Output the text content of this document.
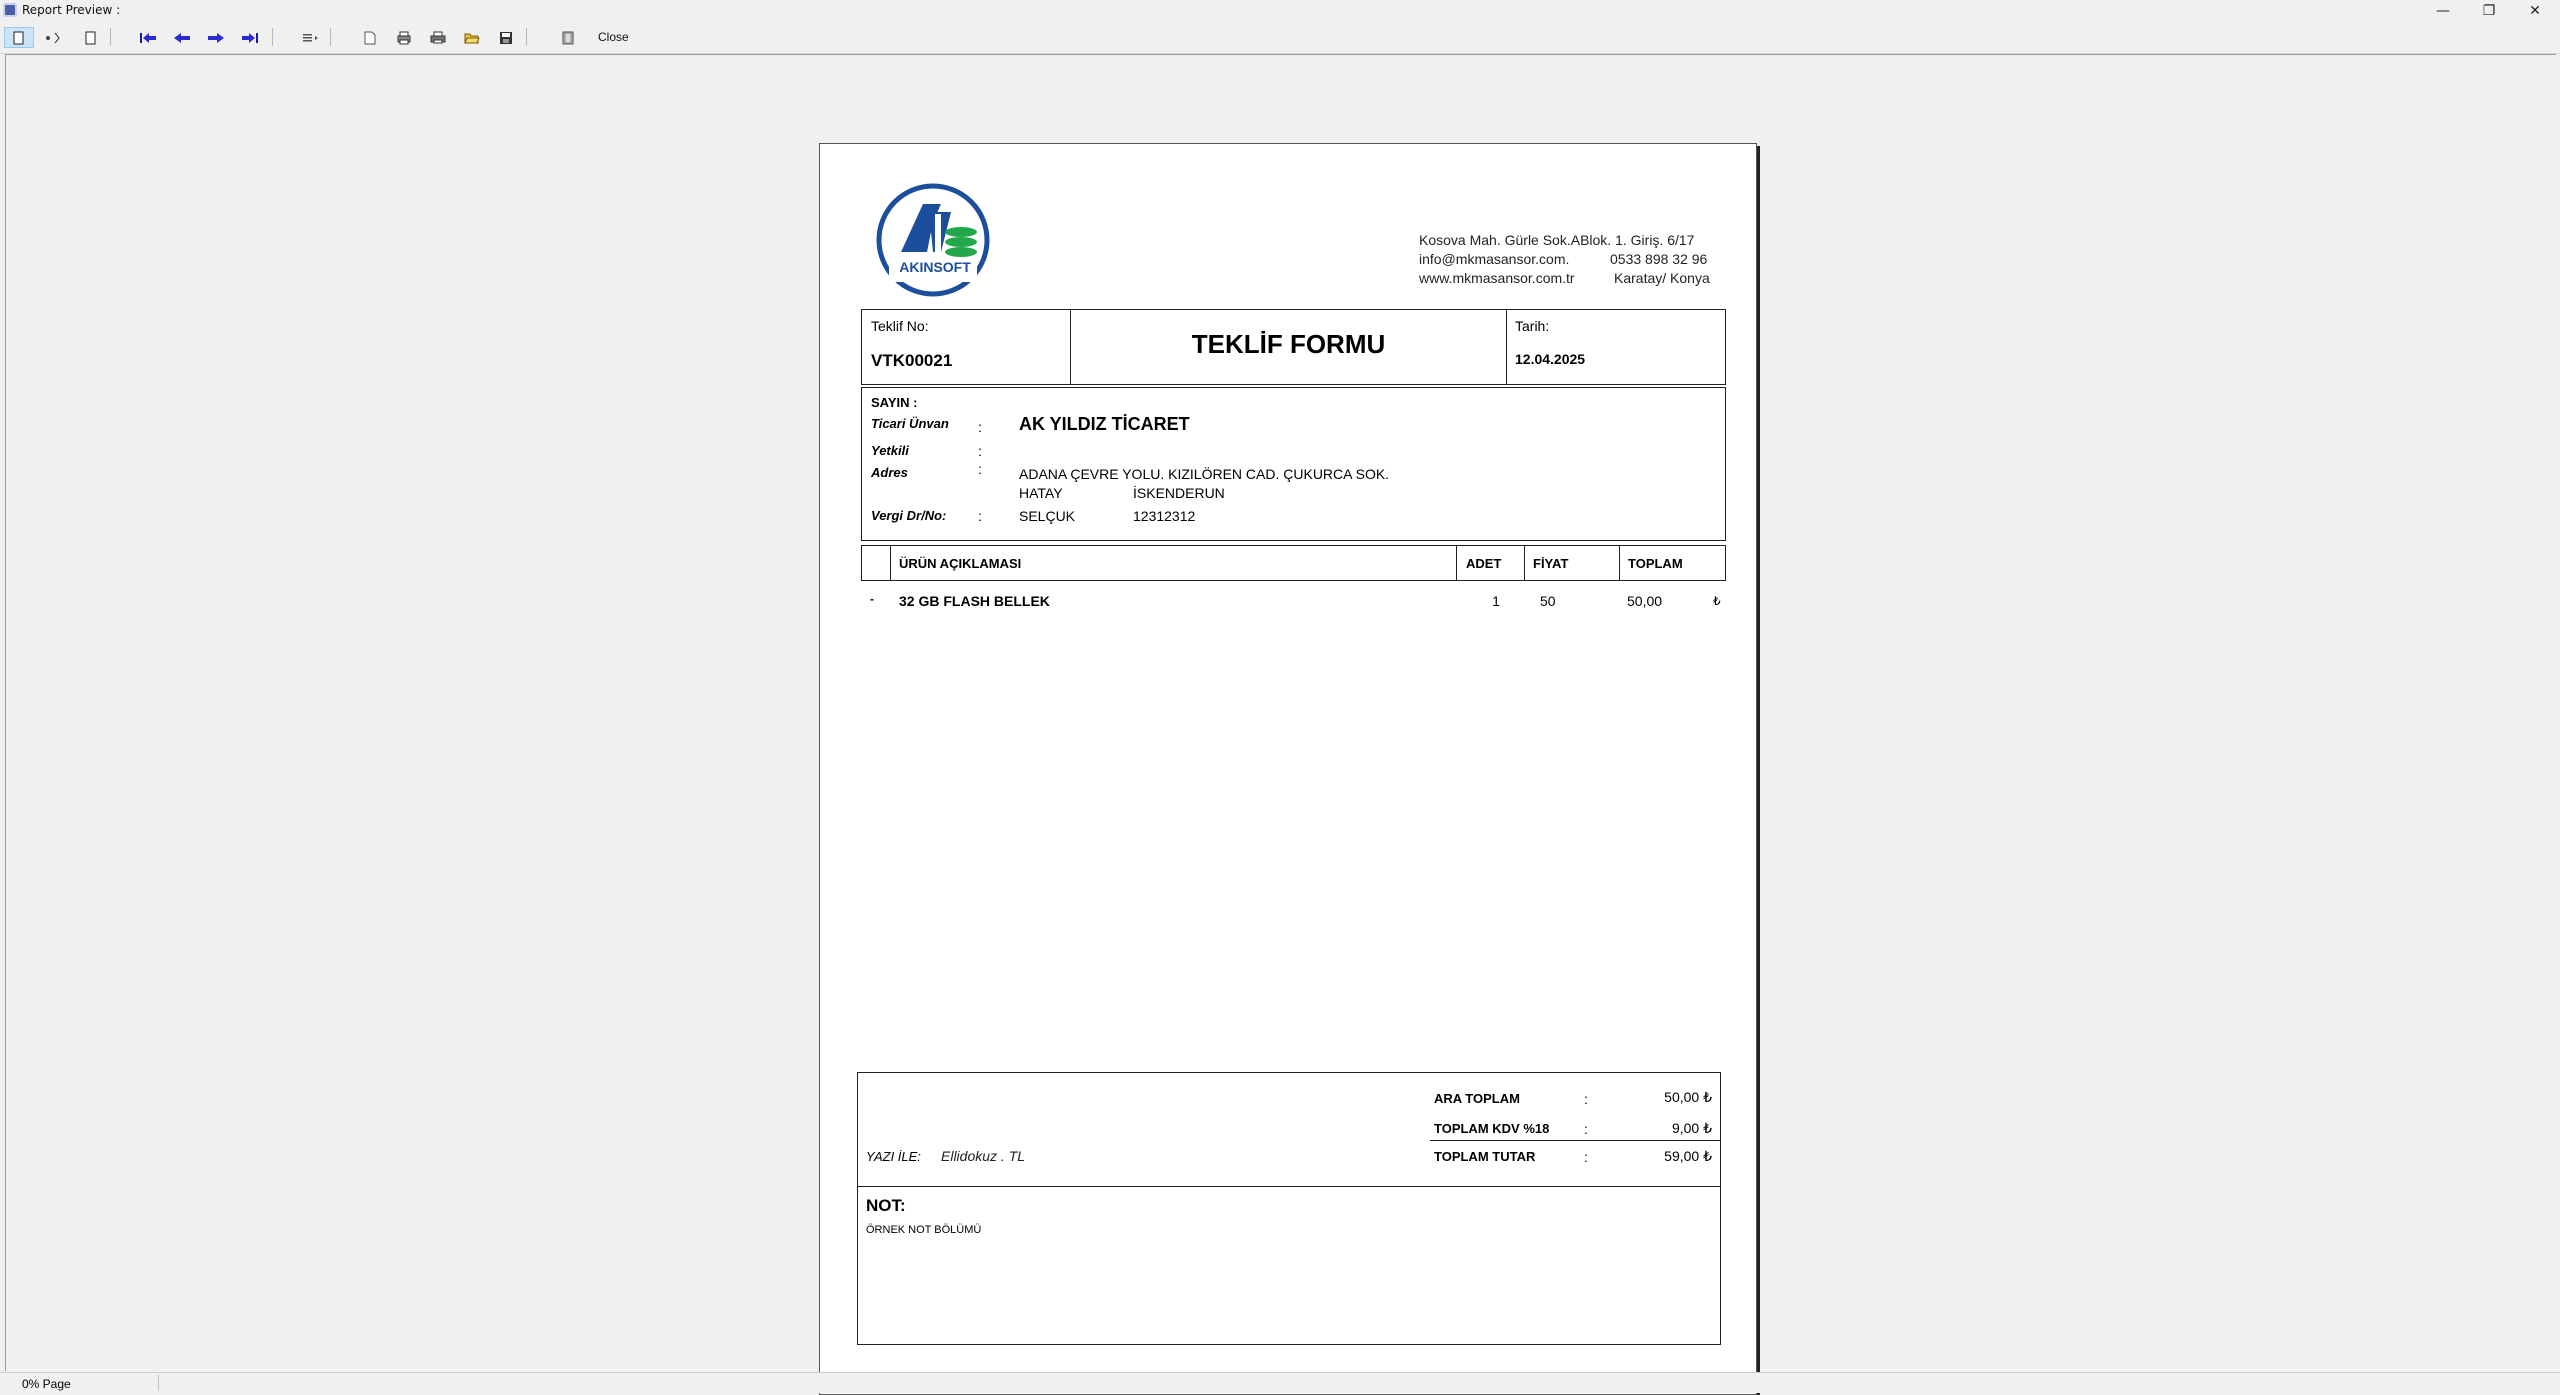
Report Preview :	—	❐	✕
Close
AKINSOFT
Kosova Mah. Gürle Sok.ABlok. 1. Giriş. 6/17
info@mkmasansor.com.	0533 898 32 96
www.mkmasansor.com.tr	Karatay/ Konya
Teklif No:
VTK00021
TEKLİF FORMU
Tarih:
12.04.2025
SAYIN :
Ticari Ünvan : AK YILDIZ TİCARET
Yetkili	:
Adres	:	ADANA ÇEVRE YOLU. KIZILÖREN CAD. ÇUKURCA SOK.
HATAY	İSKENDERUN
Vergi Dr/No: :	SELÇUK	12312312
ÜRÜN AÇIKLAMASI	ADET FİYAT	TOPLAM
- 32 GB FLASH BELLEK	1	50	50,00	₺
ARA TOPLAM	:	50,00 ₺
TOPLAM KDV %18 :	9,00 ₺
TOPLAM TUTAR	:	59,00 ₺
YAZI İLE: Ellidokuz . TL
NOT:
ÖRNEK NOT BÖLÜMÜ
0% Page
